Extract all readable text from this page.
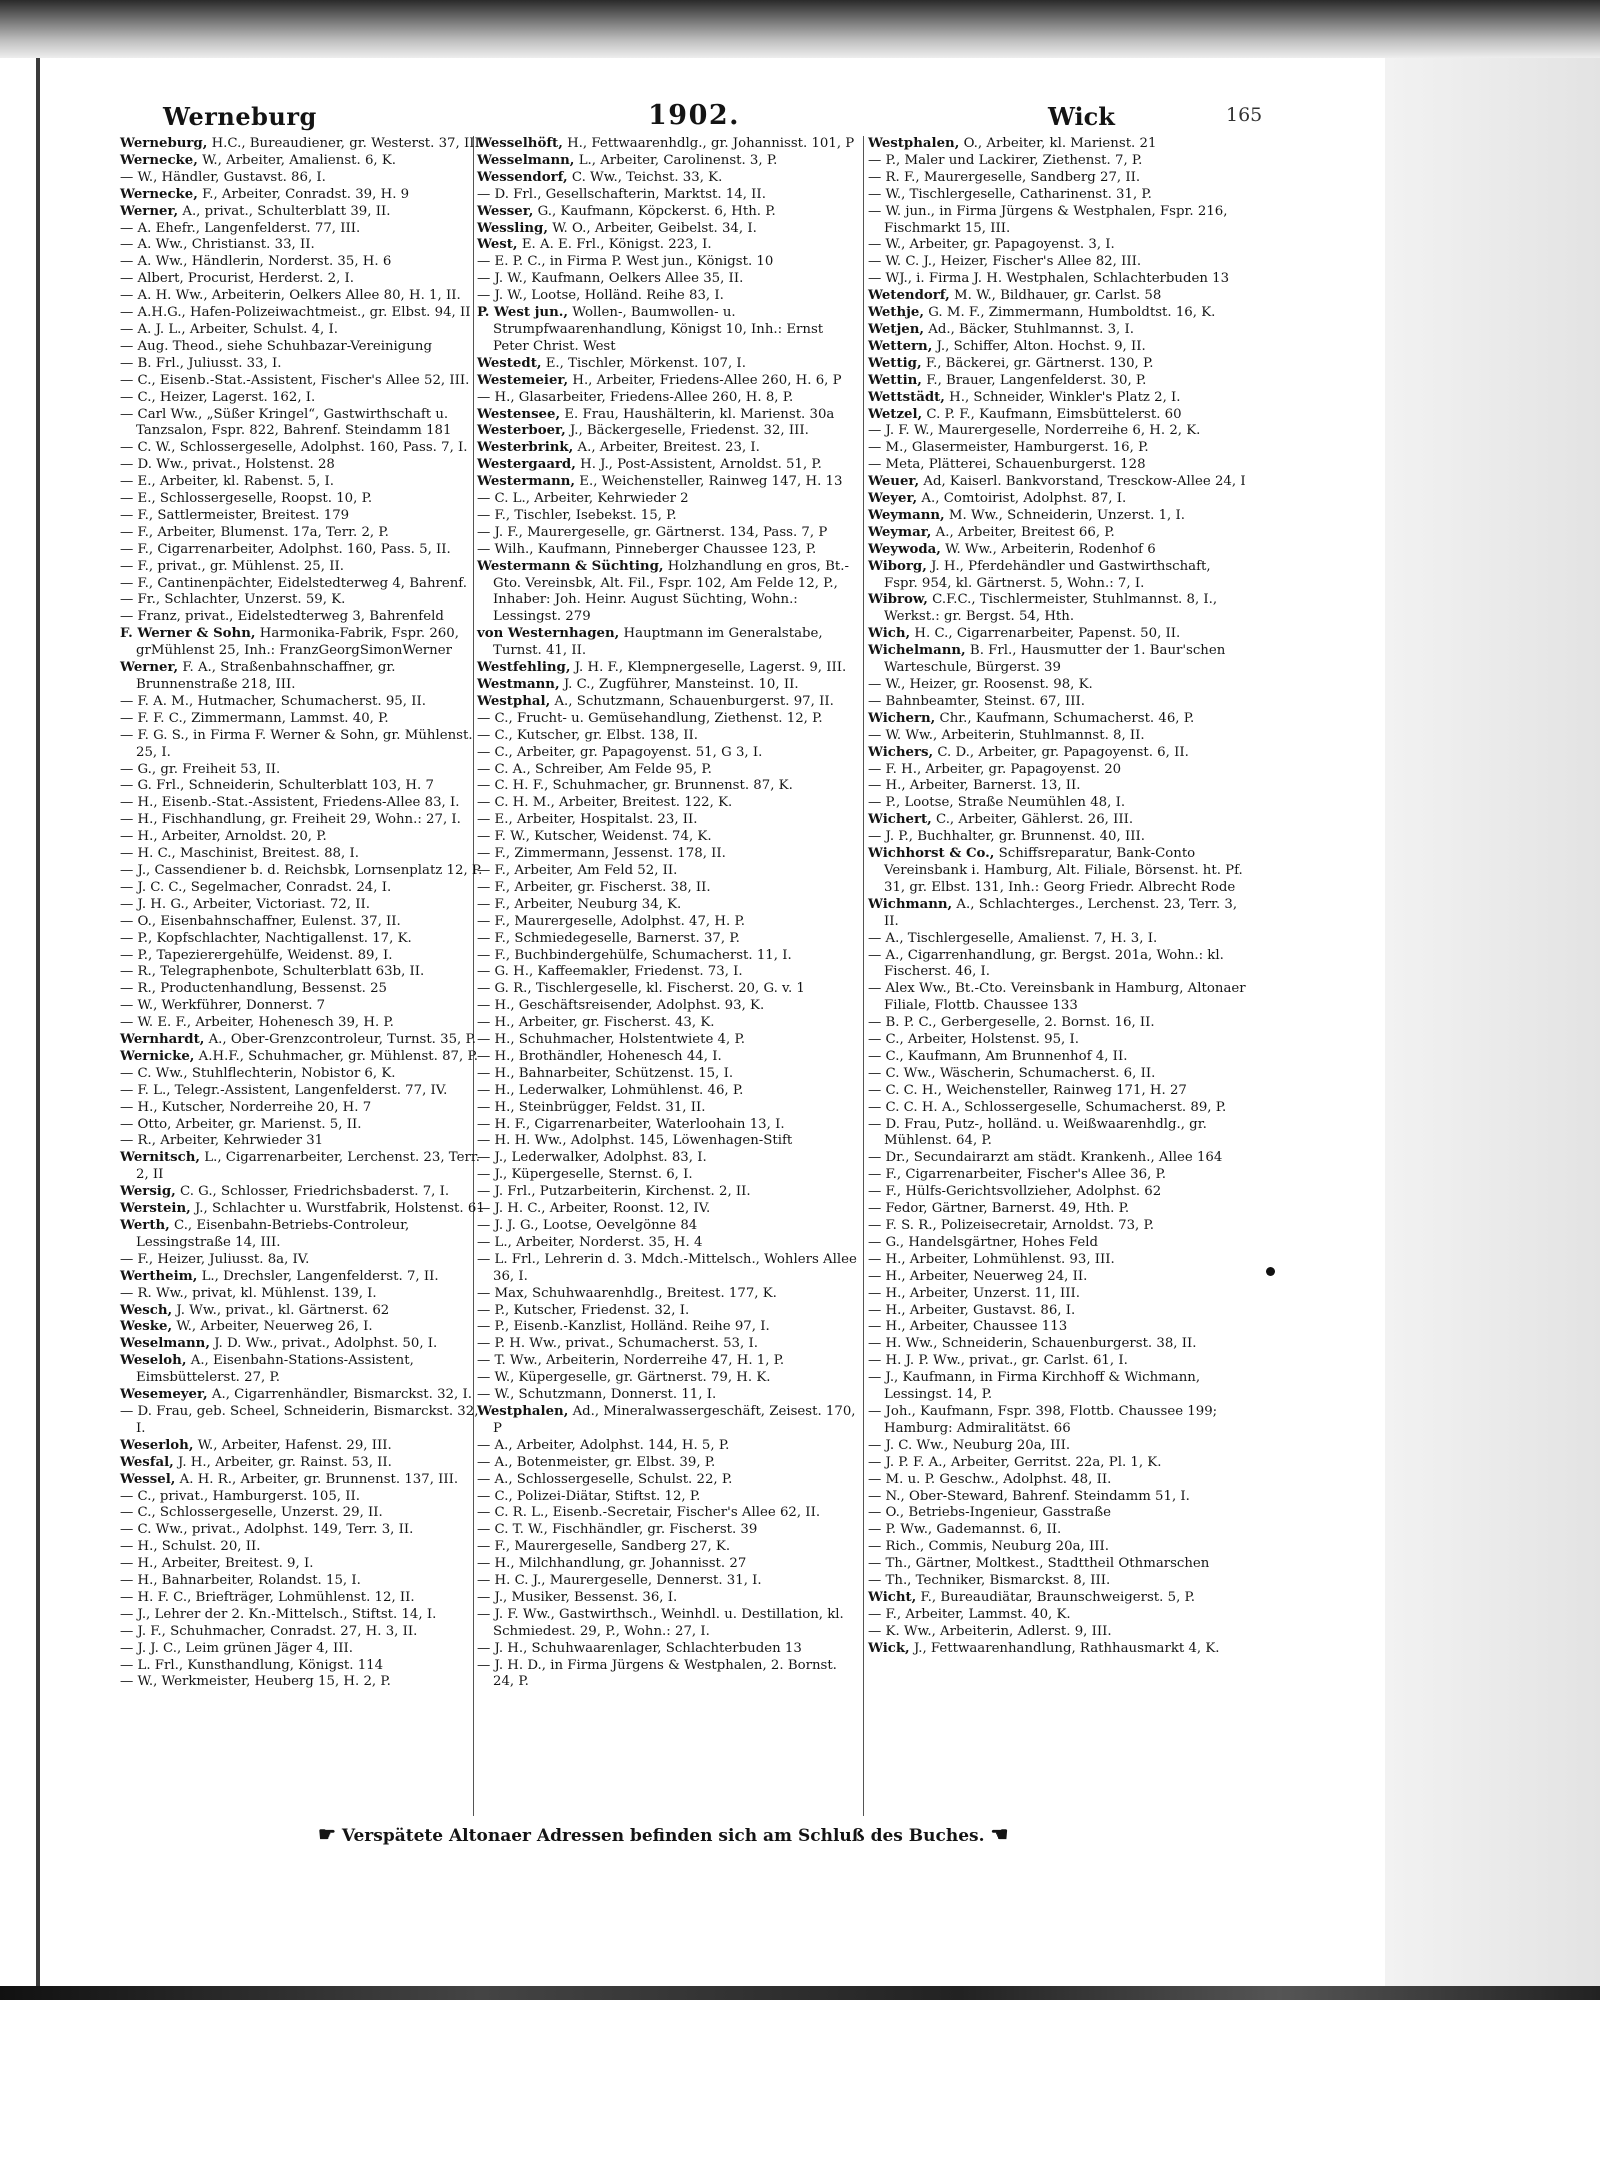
Werneburg	1902.	Wick	165
Werneburg, H.C., Bureaudiener, gr. Westerst. 37, III.
Wernecke, W., Arbeiter, Amalienst. 6, K.
— W., Händler, Gustavst. 86, I.
Wernecke, F., Arbeiter, Conradst. 39, H. 9
Werner, A., privat., Schulterblatt 39, II.
— A. Ehefr., Langenfelderst. 77, III.
— A. Ww., Christianst. 33, II.
— A. Ww., Händlerin, Norderst. 35, H. 6
— Albert, Procurist, Herderst. 2, I.
— A. H. Ww., Arbeiterin, Oelkers Allee 80, H. 1, II.
— A.H.G., Hafen-Polizeiwachtmeist., gr. Elbst. 94, II
— A. J. L., Arbeiter, Schulst. 4, I.
— Aug. Theod., siehe Schuhbazar-Vereinigung
— B. Frl., Juliusst. 33, I.
— C., Eisenb.-Stat.-Assistent, Fischer's Allee 52, III.
— C., Heizer, Lagerst. 162, I.
— Carl Ww., „Süßer Kringel“, Gastwirthschaft u. Tanzsalon, Fspr. 822, Bahrenf. Steindamm 181
— C. W., Schlossergeselle, Adolphst. 160, Pass. 7, I.
— D. Ww., privat., Holstenst. 28
— E., Arbeiter, kl. Rabenst. 5, I.
— E., Schlossergeselle, Roopst. 10, P.
— F., Sattlermeister, Breitest. 179
— F., Arbeiter, Blumenst. 17a, Terr. 2, P.
— F., Cigarrenarbeiter, Adolphst. 160, Pass. 5, II.
— F., privat., gr. Mühlenst. 25, II.
— F., Cantinenpächter, Eidelstedterweg 4, Bahrenf.
— Fr., Schlachter, Unzerst. 59, K.
— Franz, privat., Eidelstedterweg 3, Bahrenfeld
F. Werner & Sohn, Harmonika-Fabrik, Fspr. 260, grMühlenst 25, Inh.: FranzGeorgSimonWerner
Werner, F. A., Straßenbahnschaffner, gr. Brunnenstraße 218, III.
— F. A. M., Hutmacher, Schumacherst. 95, II.
— F. F. C., Zimmermann, Lammst. 40, P.
— F. G. S., in Firma F. Werner & Sohn, gr. Mühlenst. 25, I.
— G., gr. Freiheit 53, II.
— G. Frl., Schneiderin, Schulterblatt 103, H. 7
— H., Eisenb.-Stat.-Assistent, Friedens-Allee 83, I.
— H., Fischhandlung, gr. Freiheit 29, Wohn.: 27, I.
— H., Arbeiter, Arnoldst. 20, P.
— H. C., Maschinist, Breitest. 88, I.
— J., Cassendiener b. d. Reichsbk, Lornsenplatz 12, P.
— J. C. C., Segelmacher, Conradst. 24, I.
— J. H. G., Arbeiter, Victoriast. 72, II.
— O., Eisenbahnschaffner, Eulenst. 37, II.
— P., Kopfschlachter, Nachtigallenst. 17, K.
— P., Tapezierergehülfe, Weidenst. 89, I.
— R., Telegraphenbote, Schulterblatt 63b, II.
— R., Productenhandlung, Bessenst. 25
— W., Werkführer, Donnerst. 7
— W. E. F., Arbeiter, Hohenesch 39, H. P.
Wernhardt, A., Ober-Grenzcontroleur, Turnst. 35, P.
Wernicke, A.H.F., Schuhmacher, gr. Mühlenst. 87, P.
— C. Ww., Stuhlflechterin, Nobistor 6, K.
— F. L., Telegr.-Assistent, Langenfelderst. 77, IV.
— H., Kutscher, Norderreihe 20, H. 7
— Otto, Arbeiter, gr. Marienst. 5, II.
— R., Arbeiter, Kehrwieder 31
Wernitsch, L., Cigarrenarbeiter, Lerchenst. 23, Terr. 2, II
Wersig, C. G., Schlosser, Friedrichsbaderst. 7, I.
Werstein, J., Schlachter u. Wurstfabrik, Holstenst. 61
Werth, C., Eisenbahn-Betriebs-Controleur, Lessingstraße 14, III.
— F., Heizer, Juliusst. 8a, IV.
Wertheim, L., Drechsler, Langenfelderst. 7, II.
— R. Ww., privat, kl. Mühlenst. 139, I.
Wesch, J. Ww., privat., kl. Gärtnerst. 62
Weske, W., Arbeiter, Neuerweg 26, I.
Weselmann, J. D. Ww., privat., Adolphst. 50, I.
Weseloh, A., Eisenbahn-Stations-Assistent, Eimsbüttelerst. 27, P.
Wesemeyer, A., Cigarrenhändler, Bismarckst. 32, I.
— D. Frau, geb. Scheel, Schneiderin, Bismarckst. 32, I.
Weserloh, W., Arbeiter, Hafenst. 29, III.
Wesfal, J. H., Arbeiter, gr. Rainst. 53, II.
Wessel, A. H. R., Arbeiter, gr. Brunnenst. 137, III.
— C., privat., Hamburgerst. 105, II.
— C., Schlossergeselle, Unzerst. 29, II.
— C. Ww., privat., Adolphst. 149, Terr. 3, II.
— H., Schulst. 20, II.
— H., Arbeiter, Breitest. 9, I.
— H., Bahnarbeiter, Rolandst. 15, I.
— H. F. C., Briefträger, Lohmühlenst. 12, II.
— J., Lehrer der 2. Kn.-Mittelsch., Stiftst. 14, I.
— J. F., Schuhmacher, Conradst. 27, H. 3, II.
— J. J. C., Leim grünen Jäger 4, III.
— L. Frl., Kunsthandlung, Königst. 114
— W., Werkmeister, Heuberg 15, H. 2, P.
Wesselhöft, H., Fettwaarenhdlg., gr. Johannisst. 101, P
Wesselmann, L., Arbeiter, Carolinenst. 3, P.
Wessendorf, C. Ww., Teichst. 33, K.
— D. Frl., Gesellschafterin, Marktst. 14, II.
Wesser, G., Kaufmann, Köpckerst. 6, Hth. P.
Wessling, W. O., Arbeiter, Geibelst. 34, I.
West, E. A. E. Frl., Königst. 223, I.
— E. P. C., in Firma P. West jun., Königst. 10
— J. W., Kaufmann, Oelkers Allee 35, II.
— J. W., Lootse, Holländ. Reihe 83, I.
P. West jun., Wollen-, Baumwollen- u. Strumpfwaarenhandlung, Königst 10, Inh.: Ernst Peter Christ. West
Westedt, E., Tischler, Mörkenst. 107, I.
Westemeier, H., Arbeiter, Friedens-Allee 260, H. 6, P
— H., Glasarbeiter, Friedens-Allee 260, H. 8, P.
Westensee, E. Frau, Haushälterin, kl. Marienst. 30a
Westerboer, J., Bäckergeselle, Friedenst. 32, III.
Westerbrink, A., Arbeiter, Breitest. 23, I.
Westergaard, H. J., Post-Assistent, Arnoldst. 51, P.
Westermann, E., Weichensteller, Rainweg 147, H. 13
— C. L., Arbeiter, Kehrwieder 2
— F., Tischler, Isebekst. 15, P.
— J. F., Maurergeselle, gr. Gärtnerst. 134, Pass. 7, P
— Wilh., Kaufmann, Pinneberger Chaussee 123, P.
Westermann & Süchting, Holzhandlung en gros, Bt.-Gto. Vereinsbk, Alt. Fil., Fspr. 102, Am Felde 12, P., Inhaber: Joh. Heinr. August Süchting, Wohn.: Lessingst. 279
von Westernhagen, Hauptmann im Generalstabe, Turnst. 41, II.
Westfehling, J. H. F., Klempnergeselle, Lagerst. 9, III.
Westmann, J. C., Zugführer, Mansteinst. 10, II.
Westphal, A., Schutzmann, Schauenburgerst. 97, II.
— C., Frucht- u. Gemüsehandlung, Ziethenst. 12, P.
— C., Kutscher, gr. Elbst. 138, II.
— C., Arbeiter, gr. Papagoyenst. 51, G 3, I.
— C. A., Schreiber, Am Felde 95, P.
— C. H. F., Schuhmacher, gr. Brunnenst. 87, K.
— C. H. M., Arbeiter, Breitest. 122, K.
— E., Arbeiter, Hospitalst. 23, II.
— F. W., Kutscher, Weidenst. 74, K.
— F., Zimmermann, Jessenst. 178, II.
— F., Arbeiter, Am Feld 52, II.
— F., Arbeiter, gr. Fischerst. 38, II.
— F., Arbeiter, Neuburg 34, K.
— F., Maurergeselle, Adolphst. 47, H. P.
— F., Schmiedegeselle, Barnerst. 37, P.
— F., Buchbindergehülfe, Schumacherst. 11, I.
— G. H., Kaffeemakler, Friedenst. 73, I.
— G. R., Tischlergeselle, kl. Fischerst. 20, G. v. 1
— H., Geschäftsreisender, Adolphst. 93, K.
— H., Arbeiter, gr. Fischerst. 43, K.
— H., Schuhmacher, Holstentwiete 4, P.
— H., Brothändler, Hohenesch 44, I.
— H., Bahnarbeiter, Schützenst. 15, I.
— H., Lederwalker, Lohmühlenst. 46, P.
— H., Steinbrügger, Feldst. 31, II.
— H. F., Cigarrenarbeiter, Waterloohain 13, I.
— H. H. Ww., Adolphst. 145, Löwenhagen-Stift
— J., Lederwalker, Adolphst. 83, I.
— J., Küpergeselle, Sternst. 6, I.
— J. Frl., Putzarbeiterin, Kirchenst. 2, II.
— J. H. C., Arbeiter, Roonst. 12, IV.
— J. J. G., Lootse, Oevelgönne 84
— L., Arbeiter, Norderst. 35, H. 4
— L. Frl., Lehrerin d. 3. Mdch.-Mittelsch., Wohlers Allee 36, I.
— Max, Schuhwaarenhdlg., Breitest. 177, K.
— P., Kutscher, Friedenst. 32, I.
— P., Eisenb.-Kanzlist, Holländ. Reihe 97, I.
— P. H. Ww., privat., Schumacherst. 53, I.
— T. Ww., Arbeiterin, Norderreihe 47, H. 1, P.
— W., Küpergeselle, gr. Gärtnerst. 79, H. K.
— W., Schutzmann, Donnerst. 11, I.
Westphalen, Ad., Mineralwassergeschäft, Zeisest. 170, P
— A., Arbeiter, Adolphst. 144, H. 5, P.
— A., Botenmeister, gr. Elbst. 39, P.
— A., Schlossergeselle, Schulst. 22, P.
— C., Polizei-Diätar, Stiftst. 12, P.
— C. R. L., Eisenb.-Secretair, Fischer's Allee 62, II.
— C. T. W., Fischhändler, gr. Fischerst. 39
— F., Maurergeselle, Sandberg 27, K.
— H., Milchhandlung, gr. Johannisst. 27
— H. C. J., Maurergeselle, Dennerst. 31, I.
— J., Musiker, Bessenst. 36, I.
— J. F. Ww., Gastwirthsch., Weinhdl. u. Destillation, kl. Schmiedest. 29, P., Wohn.: 27, I.
— J. H., Schuhwaarenlager, Schlachterbuden 13
— J. H. D., in Firma Jürgens & Westphalen, 2. Bornst. 24, P.
Westphalen, O., Arbeiter, kl. Marienst. 21
— P., Maler und Lackirer, Ziethenst. 7, P.
— R. F., Maurergeselle, Sandberg 27, II.
— W., Tischlergeselle, Catharinenst. 31, P.
— W. jun., in Firma Jürgens & Westphalen, Fspr. 216, Fischmarkt 15, III.
— W., Arbeiter, gr. Papagoyenst. 3, I.
— W. C. J., Heizer, Fischer's Allee 82, III.
— WJ., i. Firma J. H. Westphalen, Schlachterbuden 13
Wetendorf, M. W., Bildhauer, gr. Carlst. 58
Wethje, G. M. F., Zimmermann, Humboldtst. 16, K.
Wetjen, Ad., Bäcker, Stuhlmannst. 3, I.
Wettern, J., Schiffer, Alton. Hochst. 9, II.
Wettig, F., Bäckerei, gr. Gärtnerst. 130, P.
Wettin, F., Brauer, Langenfelderst. 30, P.
Wettstädt, H., Schneider, Winkler's Platz 2, I.
Wetzel, C. P. F., Kaufmann, Eimsbüttelerst. 60
— J. F. W., Maurergeselle, Norderreihe 6, H. 2, K.
— M., Glasermeister, Hamburgerst. 16, P.
— Meta, Plätterei, Schauenburgerst. 128
Weuer, Ad, Kaiserl. Bankvorstand, Tresckow-Allee 24, I
Weyer, A., Comtoirist, Adolphst. 87, I.
Weymann, M. Ww., Schneiderin, Unzerst. 1, I.
Weymar, A., Arbeiter, Breitest 66, P.
Weywoda, W. Ww., Arbeiterin, Rodenhof 6
Wiborg, J. H., Pferdehändler und Gastwirthschaft, Fspr. 954, kl. Gärtnerst. 5, Wohn.: 7, I.
Wibrow, C.F.C., Tischlermeister, Stuhlmannst. 8, I., Werkst.: gr. Bergst. 54, Hth.
Wich, H. C., Cigarrenarbeiter, Papenst. 50, II.
Wichelmann, B. Frl., Hausmutter der 1. Baur'schen Warteschule, Bürgerst. 39
— W., Heizer, gr. Roosenst. 98, K.
— Bahnbeamter, Steinst. 67, III.
Wichern, Chr., Kaufmann, Schumacherst. 46, P.
— W. Ww., Arbeiterin, Stuhlmannst. 8, II.
Wichers, C. D., Arbeiter, gr. Papagoyenst. 6, II.
— F. H., Arbeiter, gr. Papagoyenst. 20
— H., Arbeiter, Barnerst. 13, II.
— P., Lootse, Straße Neumühlen 48, I.
Wichert, C., Arbeiter, Gählerst. 26, III.
— J. P., Buchhalter, gr. Brunnenst. 40, III.
Wichhorst & Co., Schiffsreparatur, Bank-Conto Vereinsbank i. Hamburg, Alt. Filiale, Börsenst. ht. Pf. 31, gr. Elbst. 131, Inh.: Georg Friedr. Albrecht Rode
Wichmann, A., Schlachterges., Lerchenst. 23, Terr. 3, II.
— A., Tischlergeselle, Amalienst. 7, H. 3, I.
— A., Cigarrenhandlung, gr. Bergst. 201a, Wohn.: kl. Fischerst. 46, I.
— Alex Ww., Bt.-Cto. Vereinsbank in Hamburg, Altonaer Filiale, Flottb. Chaussee 133
— B. P. C., Gerbergeselle, 2. Bornst. 16, II.
— C., Arbeiter, Holstenst. 95, I.
— C., Kaufmann, Am Brunnenhof 4, II.
— C. Ww., Wäscherin, Schumacherst. 6, II.
— C. C. H., Weichensteller, Rainweg 171, H. 27
— C. C. H. A., Schlossergeselle, Schumacherst. 89, P.
— D. Frau, Putz-, holländ. u. Weißwaarenhdlg., gr. Mühlenst. 64, P.
— Dr., Secundairarzt am städt. Krankenh., Allee 164
— F., Cigarrenarbeiter, Fischer's Allee 36, P.
— F., Hülfs-Gerichtsvollzieher, Adolphst. 62
— Fedor, Gärtner, Barnerst. 49, Hth. P.
— F. S. R., Polizeisecretair, Arnoldst. 73, P.
— G., Handelsgärtner, Hohes Feld
— H., Arbeiter, Lohmühlenst. 93, III.
— H., Arbeiter, Neuerweg 24, II.
— H., Arbeiter, Unzerst. 11, III.
— H., Arbeiter, Gustavst. 86, I.
— H., Arbeiter, Chaussee 113
— H. Ww., Schneiderin, Schauenburgerst. 38, II.
— H. J. P. Ww., privat., gr. Carlst. 61, I.
— J., Kaufmann, in Firma Kirchhoff & Wichmann, Lessingst. 14, P.
— Joh., Kaufmann, Fspr. 398, Flottb. Chaussee 199; Hamburg: Admiralitätst. 66
— J. C. Ww., Neuburg 20a, III.
— J. P. F. A., Arbeiter, Gerritst. 22a, Pl. 1, K.
— M. u. P. Geschw., Adolphst. 48, II.
— N., Ober-Steward, Bahrenf. Steindamm 51, I.
— O., Betriebs-Ingenieur, Gasstraße
— P. Ww., Gademannst. 6, II.
— Rich., Commis, Neuburg 20a, III.
— Th., Gärtner, Moltkest., Stadttheil Othmarschen
— Th., Techniker, Bismarckst. 8, III.
Wicht, F., Bureaudiätar, Braunschweigerst. 5, P.
— F., Arbeiter, Lammst. 40, K.
— K. Ww., Arbeiterin, Adlerst. 9, III.
Wick, J., Fettwaarenhandlung, Rathhausmarkt 4, K.
☛ Verspätete Altonaer Adressen befinden sich am Schluß des Buches. ☚
